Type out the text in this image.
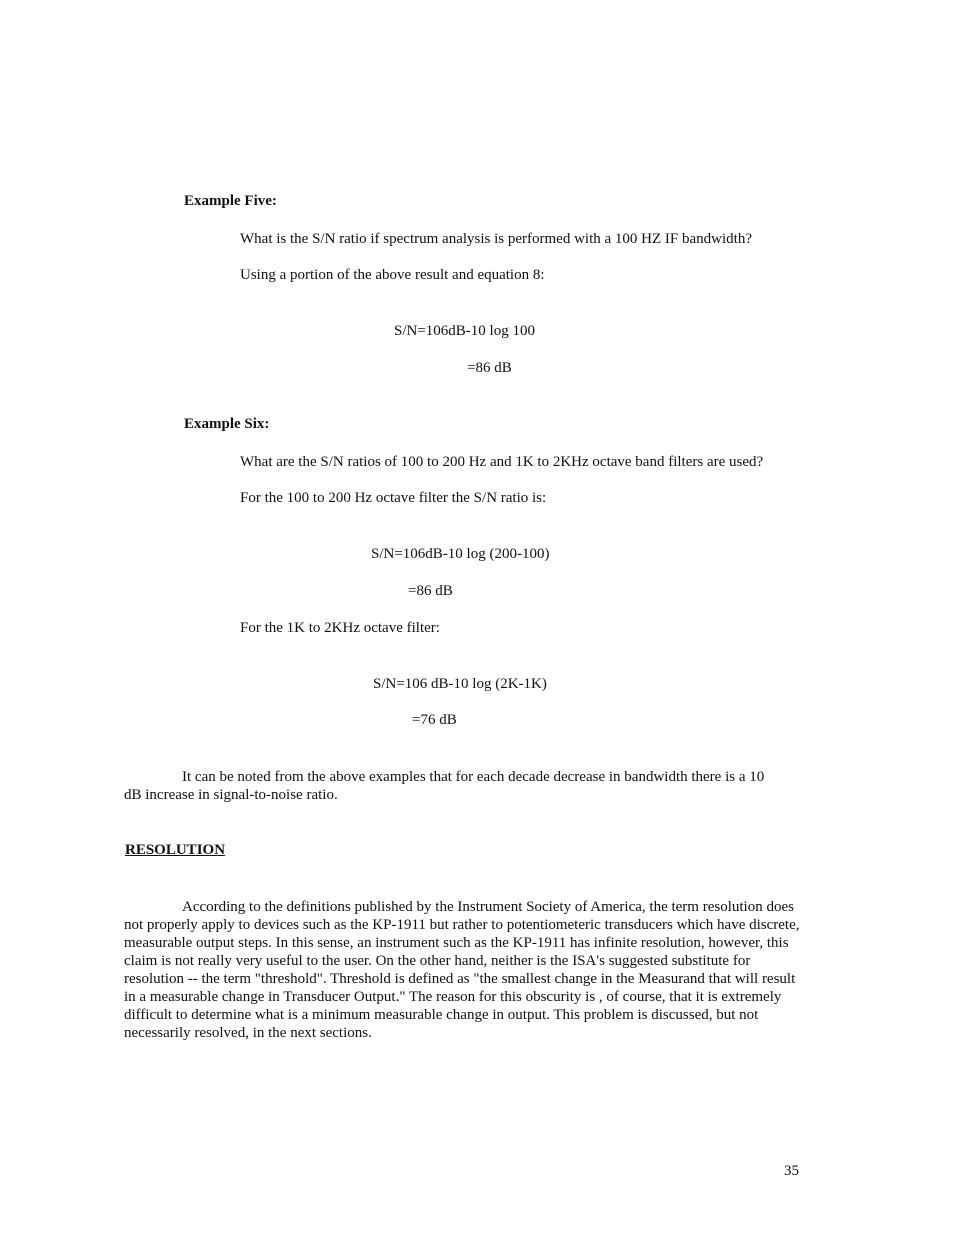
Example Five:
What is the S/N ratio if spectrum analysis is performed with a 100 HZ IF bandwidth?
Using a portion of the above result and equation 8:
S/N=106dB-10 log 100
=86 dB
Example Six:
What are the S/N ratios of 100 to 200 Hz and 1K to 2KHz octave band filters are used?
For the 100 to 200 Hz octave filter the S/N ratio is:
S/N=106dB-10 log (200-100)
=86 dB
For the 1K to 2KHz octave filter:
S/N=106 dB-10 log (2K-1K)
=76 dB
It can be noted from the above examples that for each decade decrease in bandwidth there is a 10
dB increase in signal-to-noise ratio.
RESOLUTION
According to the definitions published by the Instrument Society of America, the term resolution does not properly apply to devices such as the KP-1911 but rather to potentiometeric transducers which have discrete, measurable output steps. In this sense, an instrument such as the KP-1911 has infinite resolution, however, this claim is not really very useful to the user. On the other hand, neither is the ISA's suggested substitute for resolution -- the term "threshold". Threshold is defined as "the smallest change in the Measurand that will result in a measurable change in Transducer Output." The reason for this obscurity is , of course, that it is extremely difficult to determine what is a minimum measurable change in output. This problem is discussed, but not necessarily resolved, in the next sections.
35
